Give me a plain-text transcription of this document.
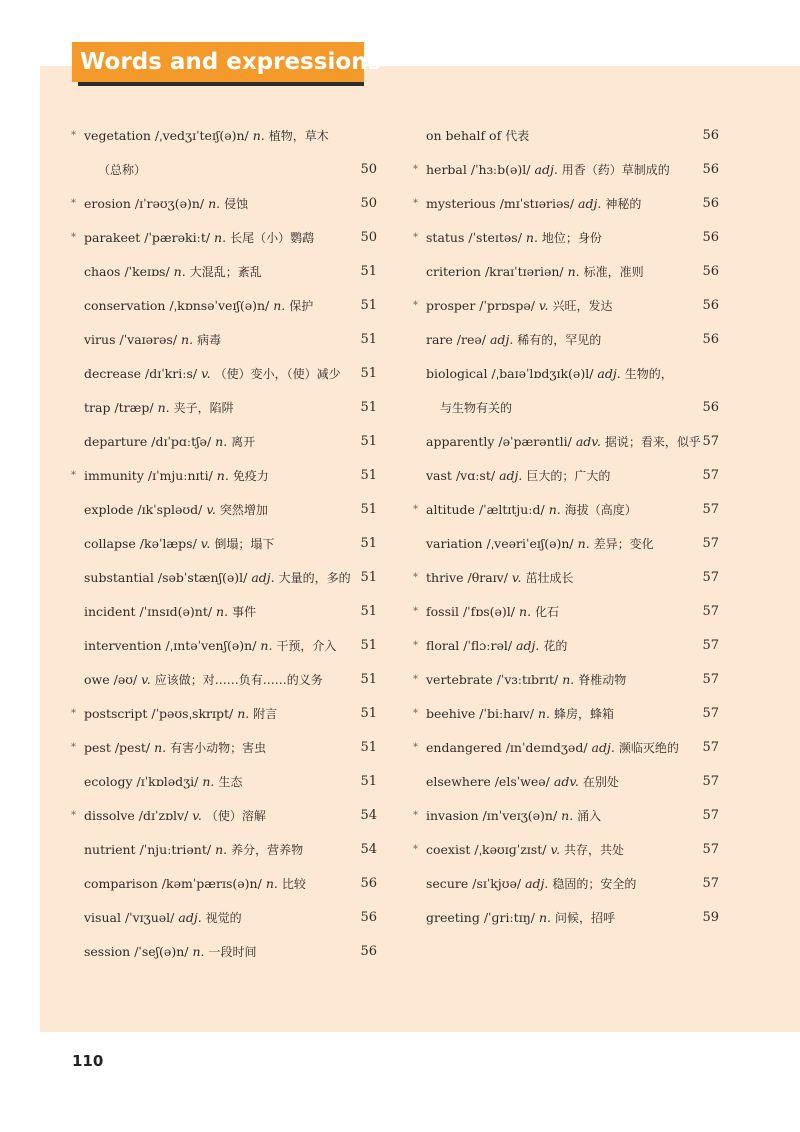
Words and expressions
* vegetation /ˌvedʒɪˈteɪʃ(ə)n/ n. 植物，草木
（总称）	50
* erosion /ɪˈrəʊʒ(ə)n/ n. 侵蚀	50
* parakeet /ˈpærəkiːt/ n. 长尾（小）鹦鹉	50
chaos /ˈkeɪɒs/ n. 大混乱；紊乱	51
conservation /ˌkɒnsəˈveɪʃ(ə)n/ n. 保护	51
virus /ˈvaɪərəs/ n. 病毒	51
decrease /dɪˈkriːs/ v. （使）变小，（使）减少	51
trap /træp/ n. 夹子，陷阱	51
departure /dɪˈpɑːtʃə/ n. 离开	51
* immunity /ɪˈmjuːnɪti/ n. 免疫力	51
explode /ɪkˈspləʊd/ v. 突然增加	51
collapse /kəˈlæps/ v. 倒塌；塌下	51
substantial /səbˈstænʃ(ə)l/ adj. 大量的，多的 51
incident /ˈɪnsɪd(ə)nt/ n. 事件	51
intervention /ˌɪntəˈvenʃ(ə)n/ n. 干预，介入	51
owe /əʊ/ v. 应该做；对……负有……的义务	51
* postscript /ˈpəʊsˌskrɪpt/ n. 附言	51
* pest /pest/ n. 有害小动物；害虫	51
ecology /ɪˈkɒlədʒi/ n. 生态	51
* dissolve /dɪˈzɒlv/ v. （使）溶解	54
nutrient /ˈnjuːtriənt/ n. 养分，营养物	54
comparison /kəmˈpærɪs(ə)n/ n. 比较	56
visual /ˈvɪʒuəl/ adj. 视觉的	56
session /ˈseʃ(ə)n/ n. 一段时间	56
on behalf of 代表	56
* herbal /ˈhɜːb(ə)l/ adj. 用香（药）草制成的	56
* mysterious /mɪˈstɪəriəs/ adj. 神秘的	56
* status /ˈsteɪtəs/ n. 地位；身份	56
criterion /kraɪˈtɪəriən/ n. 标准，准则	56
* prosper /ˈprɒspə/ v. 兴旺，发达	56
rare /reə/ adj. 稀有的，罕见的	56
biological /ˌbaɪəˈlɒdʒɪk(ə)l/ adj. 生物的，
与生物有关的	56
apparently /əˈpærəntli/ adv. 据说；看来，似乎 57
vast /vɑːst/ adj. 巨大的；广大的	57
* altitude /ˈæltɪtjuːd/ n. 海拔（高度）	57
variation /ˌveəriˈeɪʃ(ə)n/ n. 差异；变化	57
* thrive /θraɪv/ v. 茁壮成长	57
* fossil /ˈfɒs(ə)l/ n. 化石	57
* floral /ˈflɔːrəl/ adj. 花的	57
* vertebrate /ˈvɜːtɪbrɪt/ n. 脊椎动物	57
* beehive /ˈbiːhaɪv/ n. 蜂房，蜂箱	57
* endangered /ɪnˈdeɪndʒəd/ adj. 濒临灭绝的	57
elsewhere /elsˈweə/ adv. 在别处	57
* invasion /ɪnˈveɪʒ(ə)n/ n. 涌入	57
* coexist /ˌkəʊɪɡˈzɪst/ v. 共存，共处	57
secure /sɪˈkjʊə/ adj. 稳固的；安全的	57
greeting /ˈɡriːtɪŋ/ n. 问候，招呼	59
110
